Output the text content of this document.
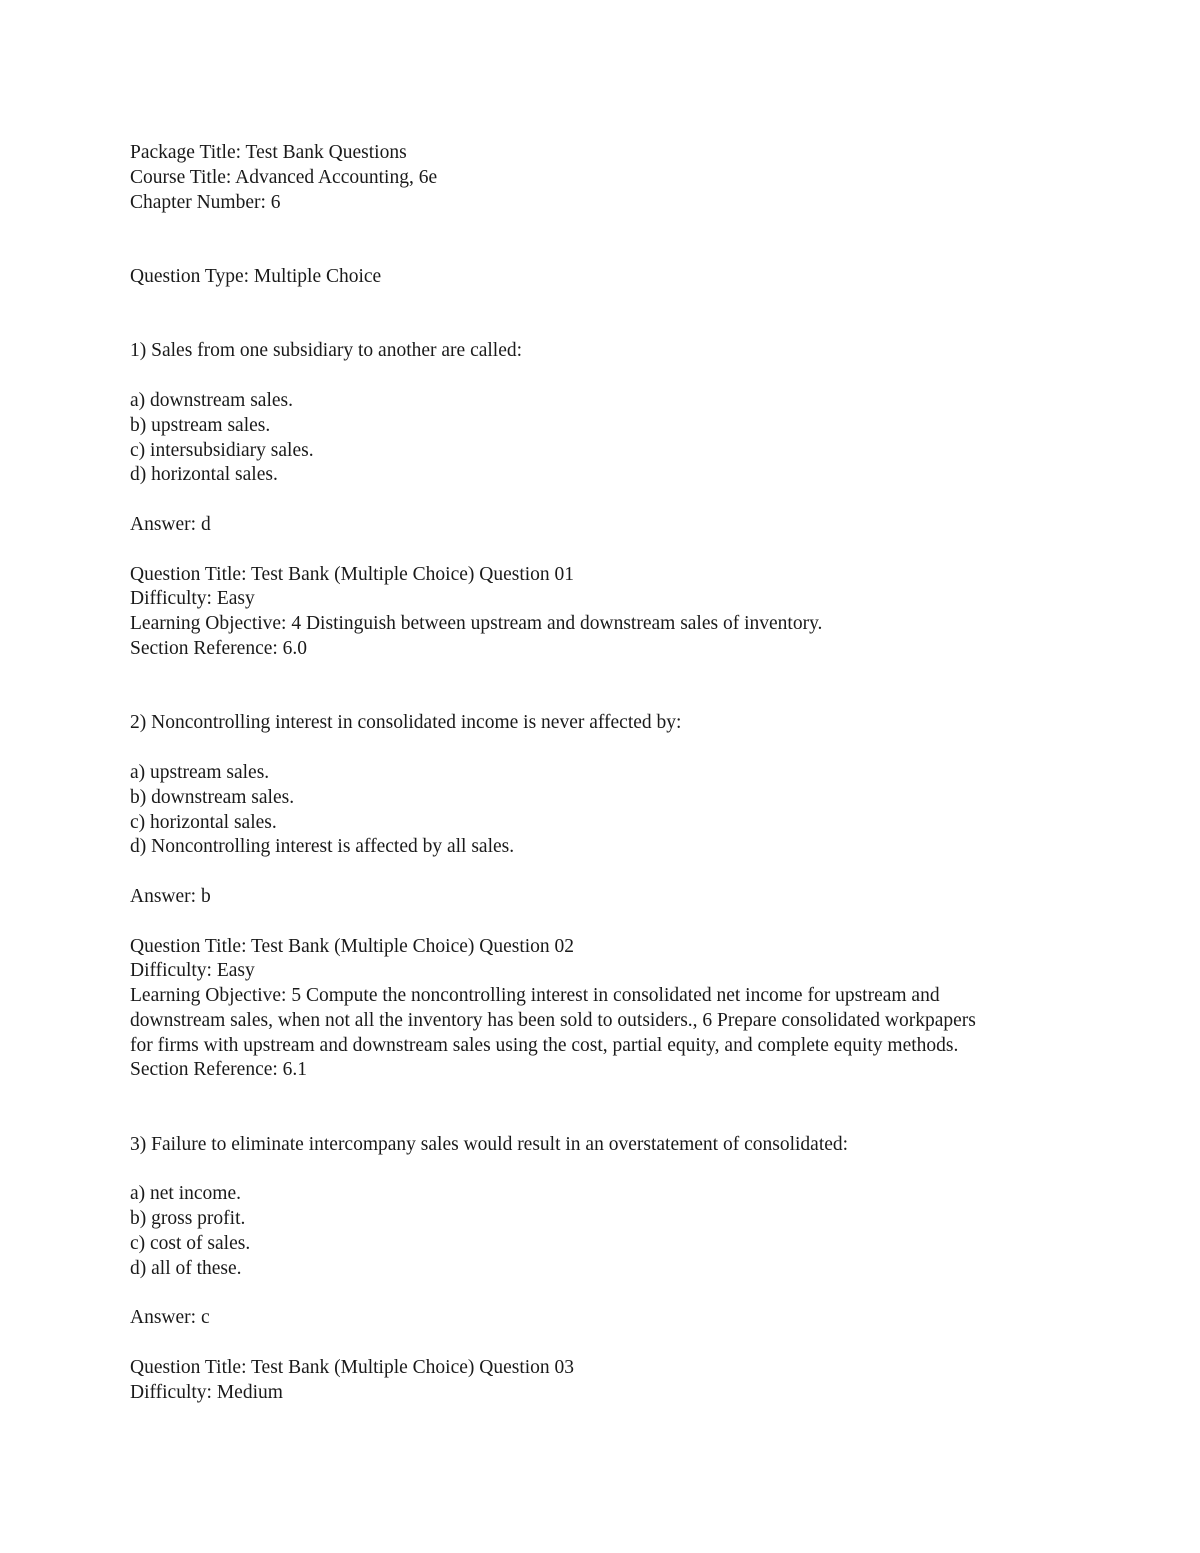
Package Title: Test Bank Questions
Course Title: Advanced Accounting, 6e
Chapter Number: 6
Question Type: Multiple Choice
1) Sales from one subsidiary to another are called:
a) downstream sales.
b) upstream sales.
c) intersubsidiary sales.
d) horizontal sales.
Answer: d
Question Title: Test Bank (Multiple Choice) Question 01
Difficulty: Easy
Learning Objective: 4 Distinguish between upstream and downstream sales of inventory.
Section Reference: 6.0
2) Noncontrolling interest in consolidated income is never affected by:
a) upstream sales.
b) downstream sales.
c) horizontal sales.
d) Noncontrolling interest is affected by all sales.
Answer: b
Question Title: Test Bank (Multiple Choice) Question 02
Difficulty: Easy
Learning Objective: 5 Compute the noncontrolling interest in consolidated net income for upstream and
downstream sales, when not all the inventory has been sold to outsiders., 6 Prepare consolidated workpapers
for firms with upstream and downstream sales using the cost, partial equity, and complete equity methods.
Section Reference: 6.1
3) Failure to eliminate intercompany sales would result in an overstatement of consolidated:
a) net income.
b) gross profit.
c) cost of sales.
d) all of these.
Answer: c
Question Title: Test Bank (Multiple Choice) Question 03
Difficulty: Medium
